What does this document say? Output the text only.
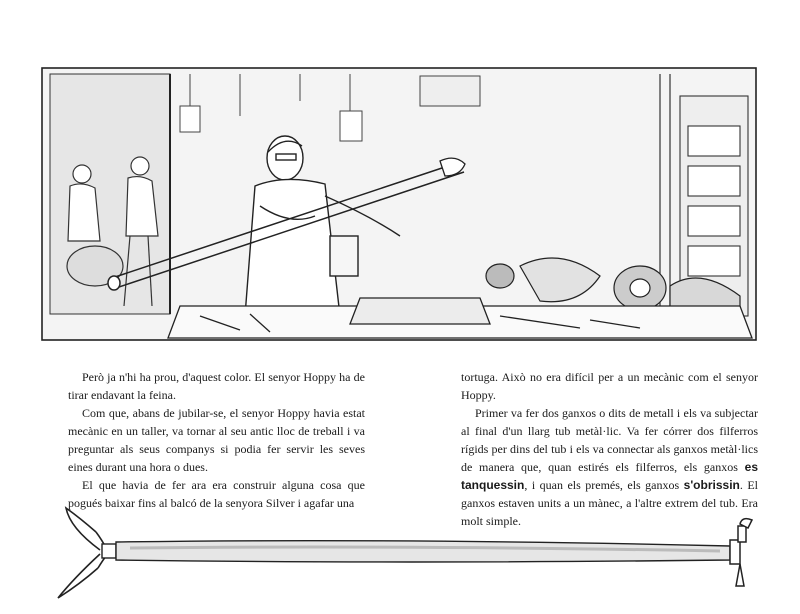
Però ja n'hi ha prou, d'aquest color. El senyor Hoppy ha de tirar endavant la feina.

Com que, abans de jubilar-se, el senyor Hoppy havia estat mecànic en un taller, va tornar al seu antic lloc de treball i va preguntar als seus companys si podia fer servir les seves eines durant una hora o dues.

El que havia de fer ara era construir alguna cosa que pogués baixar fins al balcó de la senyora Silver i agafar una

tortuga. Això no era difícil per a un mecànic com el senyor Hoppy.

Primer va fer dos ganxos o dits de metall i els va subjectar al final d'un llarg tub metàl·lic. Va fer córrer dos filferros rígids per dins del tub i els va connectar als ganxos metàl·lics de manera que, quan estirés els filferros, els ganxos es tanquessin, i quan els premés, els ganxos s'obrissin. El ganxos estaven units a un mànec, a l'altre extrem del tub. Era molt simple.
